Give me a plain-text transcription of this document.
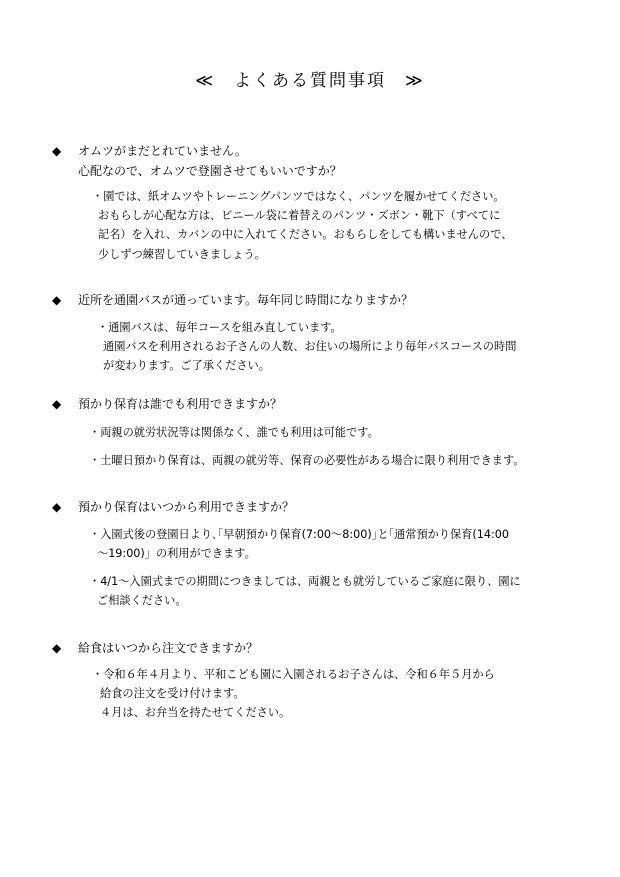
≪　よくある質問事項　≫
◆ オムツがまだとれていません。
心配なので、オムツで登園させてもいいですか？
・園では、紙オムツやトレーニングパンツではなく、パンツを履かせてください。
おもらしが心配な方は、ビニール袋に着替えのパンツ・ズボン・靴下（すべてに
記名）を入れ、カバンの中に入れてください。おもらしをしても構いませんので、
少しずつ練習していきましょう。
◆ 近所を通園バスが通っています。毎年同じ時間になりますか？
・通園バスは、毎年コースを組み直しています。
通園バスを利用されるお子さんの人数、お住いの場所により毎年バスコースの時間
が変わります。ご了承ください。
◆ 預かり保育は誰でも利用できますか？
・両親の就労状況等は関係なく、誰でも利用は可能です。
・土曜日預かり保育は、両親の就労等、保育の必要性がある場合に限り利用できます。
◆ 預かり保育はいつから利用できますか？
・入園式後の登園日より､｢早朝預かり保育(7:00～8:00)｣と｢通常預かり保育(14:00
～19:00)」の利用ができます。
・4/1～入園式までの期間につきましては、両親とも就労しているご家庭に限り、園に
ご相談ください。
◆ 給食はいつから注文できますか？
・令和６年４月より、平和こども園に入園されるお子さんは、令和６年５月から
給食の注文を受け付けます。
４月は、お弁当を持たせてください。
